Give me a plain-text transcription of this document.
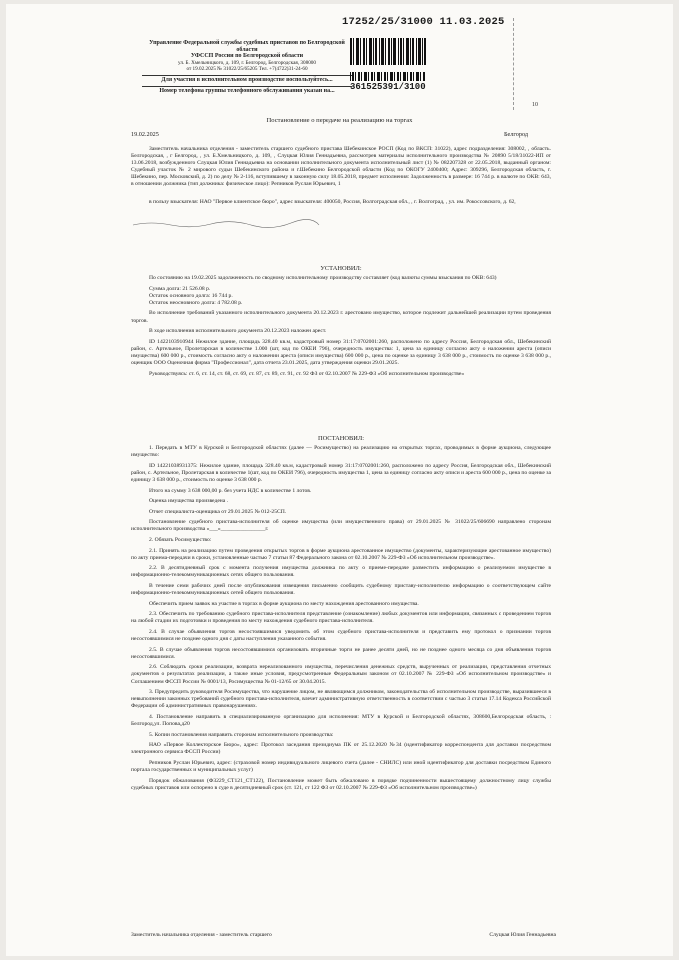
Управление Федеральной службы судебных приставов по Белгородской
области
УФССП России по Белгородской области
ул. Б. Хмельницкого, д. 109, г. Белгород, Белгородская, 308000
от 19.02.2025 № 31022/25/65205 Тел. +7(4722)31-24-60
Для участия в исполнительном производстве воспользуйтесь...
Номер телефона группы телефонного обслуживания указан на...
17252/25/31000 11.03.2025
361525391/3100
10
Постановление о передаче на реализацию на торгах
19.02.2025	Белгород

Заместитель начальника отделения - заместитель старшего судебного пристава Шебекинское РОСП (Код по ВКСП: 31022), адрес подразделения: 308002, , область. Белгородская, , г Белгород, , ул. Б.Хмельницкого, д. 109, , Слуцкая Юлия Геннадьевна, рассмотрев материалы исполнительного производства № 20890 5/18/31022-ИП от 13.06.2018, возбужденного Слуцкая Юлия Геннадьевна на основании исполнительного документа исполнительный лист (1) № 082207328 от 22.05.2018, выданный органом: Судебный участок № 2 мирового судьи Шебекинского района и г.Шебекино Белгородской области (Код по ОКОГУ 2400400; Адрес: 309296, Белгородская область, г. Шебекино, пер. Московский, д. 2) по делу № 2-116, вступившему в законную силу 18.05.2018, предмет исполнения: Задолженность в размере: 16 744 р. в валюте по ОКВ: 643, в отношении должника (тип должника: физическое лицо): Репников Руслан Юрьевич, 1

в пользу взыскателя: НАО "Первое клиентское бюро", адрес взыскателя: 400050, Россия, Волгоградская обл., , г. Волгоград, , ул. им. Рокоссовского, д. 62,

УСТАНОВИЛ:

По состоянию на 19.02.2025 задолженность по сводному исполнительному производству составляет (код валюты суммы взыскания по ОКВ: 643)

Сумма долга: 21 526.08 р.

Остаток основного долга: 16 744 р.

Остаток неосновного долга: 4 782.08 р.

Во исполнение требований указанного исполнительного документа 20.12.2023 г. арестовано имущество, которое подлежит дальнейшей реализации путем проведения торгов.

В ходе исполнения исполнительного документа 20.12.2023 наложен арест.

ID 1422103910944 Нежилое здание, площадь 328.40 кв.м, кадастровый номер 31:17:0702001:260, расположено по адресу Россия, Белгородская обл., Шебекинский район, с. Артельное, Пролетарская в количестве 1.000 (шт, код по ОКЕИ 796), очередность имущества: 1, цена за единицу согласно акту о наложении ареста (описи имущества) 600 000 р., стоимость согласно акту о наложении ареста (описи имущества) 600 000 р., цена по оценке за единицу 3 638 000 р., стоимость по оценке 3 638 000 р., оценщик ООО Оценочная фирма "Профессионал", дата отчета 23.01.2025, дата утверждения оценки 29.01.2025.

Руководствуясь: ст. 6, ст. 14, ст. 68, ст. 69, ст. 87, ст. 89, ст. 91, ст. 92 ФЗ от 02.10.2007 № 229-ФЗ «Об исполнительном производстве»

ПОСТАНОВИЛ:

1. Передать в МТУ в Курской и Белгородской областях (далее — Росимущество) на реализацию на открытых торгах, проводимых в форме аукциона, следующее имущество:

ID 14221038931375: Нежилое здание, площадь 328.40 кв.м, кадастровый номер 31:17:0702001:260, расположено по адресу Россия, Белгородская обл., Шебекинский район, с. Артельное, Пролетарская в количестве 1(шт, код по ОКЕИ 796), очередность имущества 1, цена за единицу согласно акту описи и ареста 600 000 р., цена по оценке за единицу 3 638 000 р., стоимость по оценке 3 638 000 р.

Итого на сумму 3 638 000,00 р. без учета НДС в количестве 1 лотов.

Оценка имущества произведена .

Отчет специалиста-оценщика от 29.01.2025 № 012-25СП.

Постановление судебного пристава-исполнителя об оценке имущества (или имущественного права) от 29.01.2025 № 31022/25/606690 направлено сторонам исполнительного производства «___»________________г.

2. Обязать Росимущество:

2.1. Принять на реализацию путем проведения открытых торгов в форме аукциона арестованное имущество (документы, характеризующие арестованное имущество) по акту приема-передачи в сроки, установленные частью 7 статьи 87 Федерального закона от 02.10.2007 № 229-ФЗ «Об исполнительном производстве».

2.2. В десятидневный срок с момента получения имущества должника по акту о приеме-передаче разместить информацию о реализуемом имуществе в информационно-телекоммуникационных сетях общего пользования.

В течение семи рабочих дней после опубликования извещения письменно сообщить судебному приставу-исполнителю информацию о соответствующем сайте информационно-телекоммуникационных сетей общего пользования.

Обеспечить прием заявок на участие в торгах в форме аукциона по месту нахождения арестованного имущества.

2.3. Обеспечить по требованию судебного пристава-исполнителя представление (ознакомление) любых документов или информации, связанных с проведением торгов на любой стадии их подготовки и проведения по месту нахождения судебного пристава-исполнителя.

2.4. В случае объявления торгов несостоявшимися уведомить об этом судебного пристава-исполнителя и представить ему протокол о признании торгов несостоявшимися не позднее одного дня с даты наступления указанного события.

2.5. В случае объявления торгов несостоявшимися организовать вторичные торги не ранее десяти дней, но не позднее одного месяца со дня объявления торгов несостоявшимися.

2.6. Соблюдать сроки реализации, возврата нереализованного имущества, перечисления денежных средств, вырученных от реализации, представления отчетных документов о результатах реализации, а также иные условия, предусмотренные Федеральным законом от 02.10.2007 № 229-ФЗ «Об исполнительном производстве» и Соглашением ФССП России № 0001/13, Росимущества № 01-12/65 от 30.04.2015.

3. Предупредить руководителя Росимущества, что нарушение лицом, не являющимся должником, законодательства об исполнительном производстве, выразившееся в невыполнении законных требований судебного пристава-исполнителя, влечет административную ответственность в соответствии с частью 3 статьи 17.14 Кодекса Российской Федерации об административных правонарушениях.

4. Постановление направить в специализированную организацию для исполнения: МТУ в Курской и Белгородской областях, 308600,Белгородская область, : Белгород,ул. Попова,д20

5. Копии постановления направить сторонам исполнительного производства:

НАО «Первое Коллекторское Бюро», адрес: Протокол заседания президиума ПК от 25.12.2020 №34 (идентификатор корреспондента для доставки посредством электронного сервиса ФССП России)

Репников Руслан Юрьевич, адрес: (страховой номер индивидуального лицевого счета (далее - СНИЛС) или иной идентификатор для доставки посредством Единого портала государственных и муниципальных услуг)

Порядок обжалования (Ф3229_СТ121_СТ122), Постановление может быть обжаловано в порядке подчиненности вышестоящему должностному лицу службы судебных приставов или оспорено в суде в десятидневный срок (ст. 121, ст 122 ФЗ от 02.10.2007 № 229-ФЗ «Об исполнительном производстве»)

Заместитель начальника отделения - заместитель старшего	Слуцкая Юлия Геннадьевна
